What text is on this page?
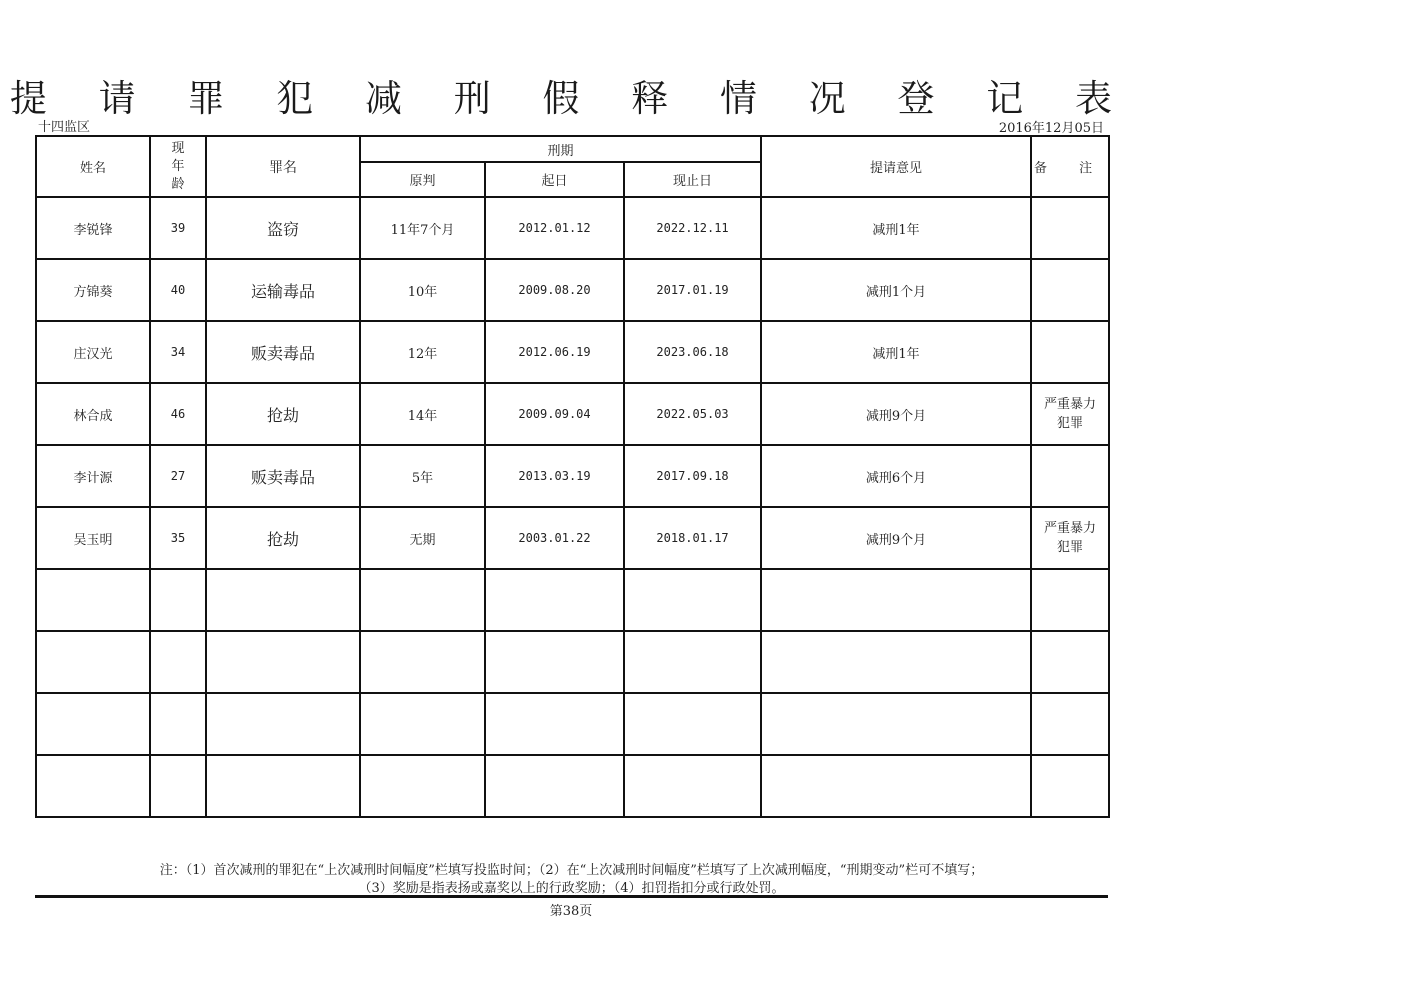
提 请 罪 犯 减 刑 假 释 情 况 登 记 表
十四监区	2016年12月05日
姓名	现年龄	罪名	刑期			提请意见	备 注
			原判	起日	现止日		
李锐锋	39	盗窃	11年7个月	2012.01.12	2022.12.11	减刑1年	
方锦葵	40	运输毒品	10年	2009.08.20	2017.01.19	减刑1个月	
庄汉光	34	贩卖毒品	12年	2012.06.19	2023.06.18	减刑1年	
林合成	46	抢劫	14年	2009.09.04	2022.05.03	减刑9个月	严重暴力犯罪
李计源	27	贩卖毒品	5年	2013.03.19	2017.09.18	减刑6个月	
吴玉明	35	抢劫	无期	2003.01.22	2018.01.17	减刑9个月	严重暴力犯罪

注：（1）首次减刑的罪犯在“上次减刑时间幅度”栏填写投监时间；（2）在“上次减刑时间幅度”栏填写了上次减刑幅度，“刑期变动”栏可不填写；
（3）奖励是指表扬或嘉奖以上的行政奖励；（4）扣罚指扣分或行政处罚。
第38页
